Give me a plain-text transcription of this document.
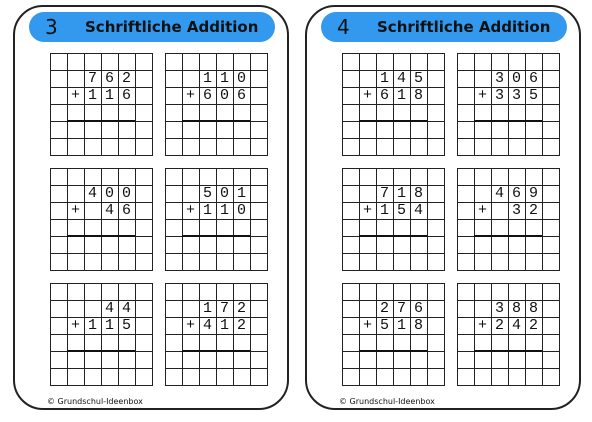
3 Schriftliche Addition
© Grundschul-Ideenbox
7 6 2
+ 1 1 6
1 1 0
+ 6 0 6
4 0 0
+ 4 6
5 0 1
+ 1 1 0
4 4
+ 1 1 5
1 7 2
+ 4 1 2
4 Schriftliche Addition
© Grundschul-Ideenbox
1 4 5
+ 6 1 8
3 0 6
+ 3 3 5
7 1 8
+ 1 5 4
4 6 9
+ 3 2
2 7 6
+ 5 1 8
3 8 8
+ 2 4 2
